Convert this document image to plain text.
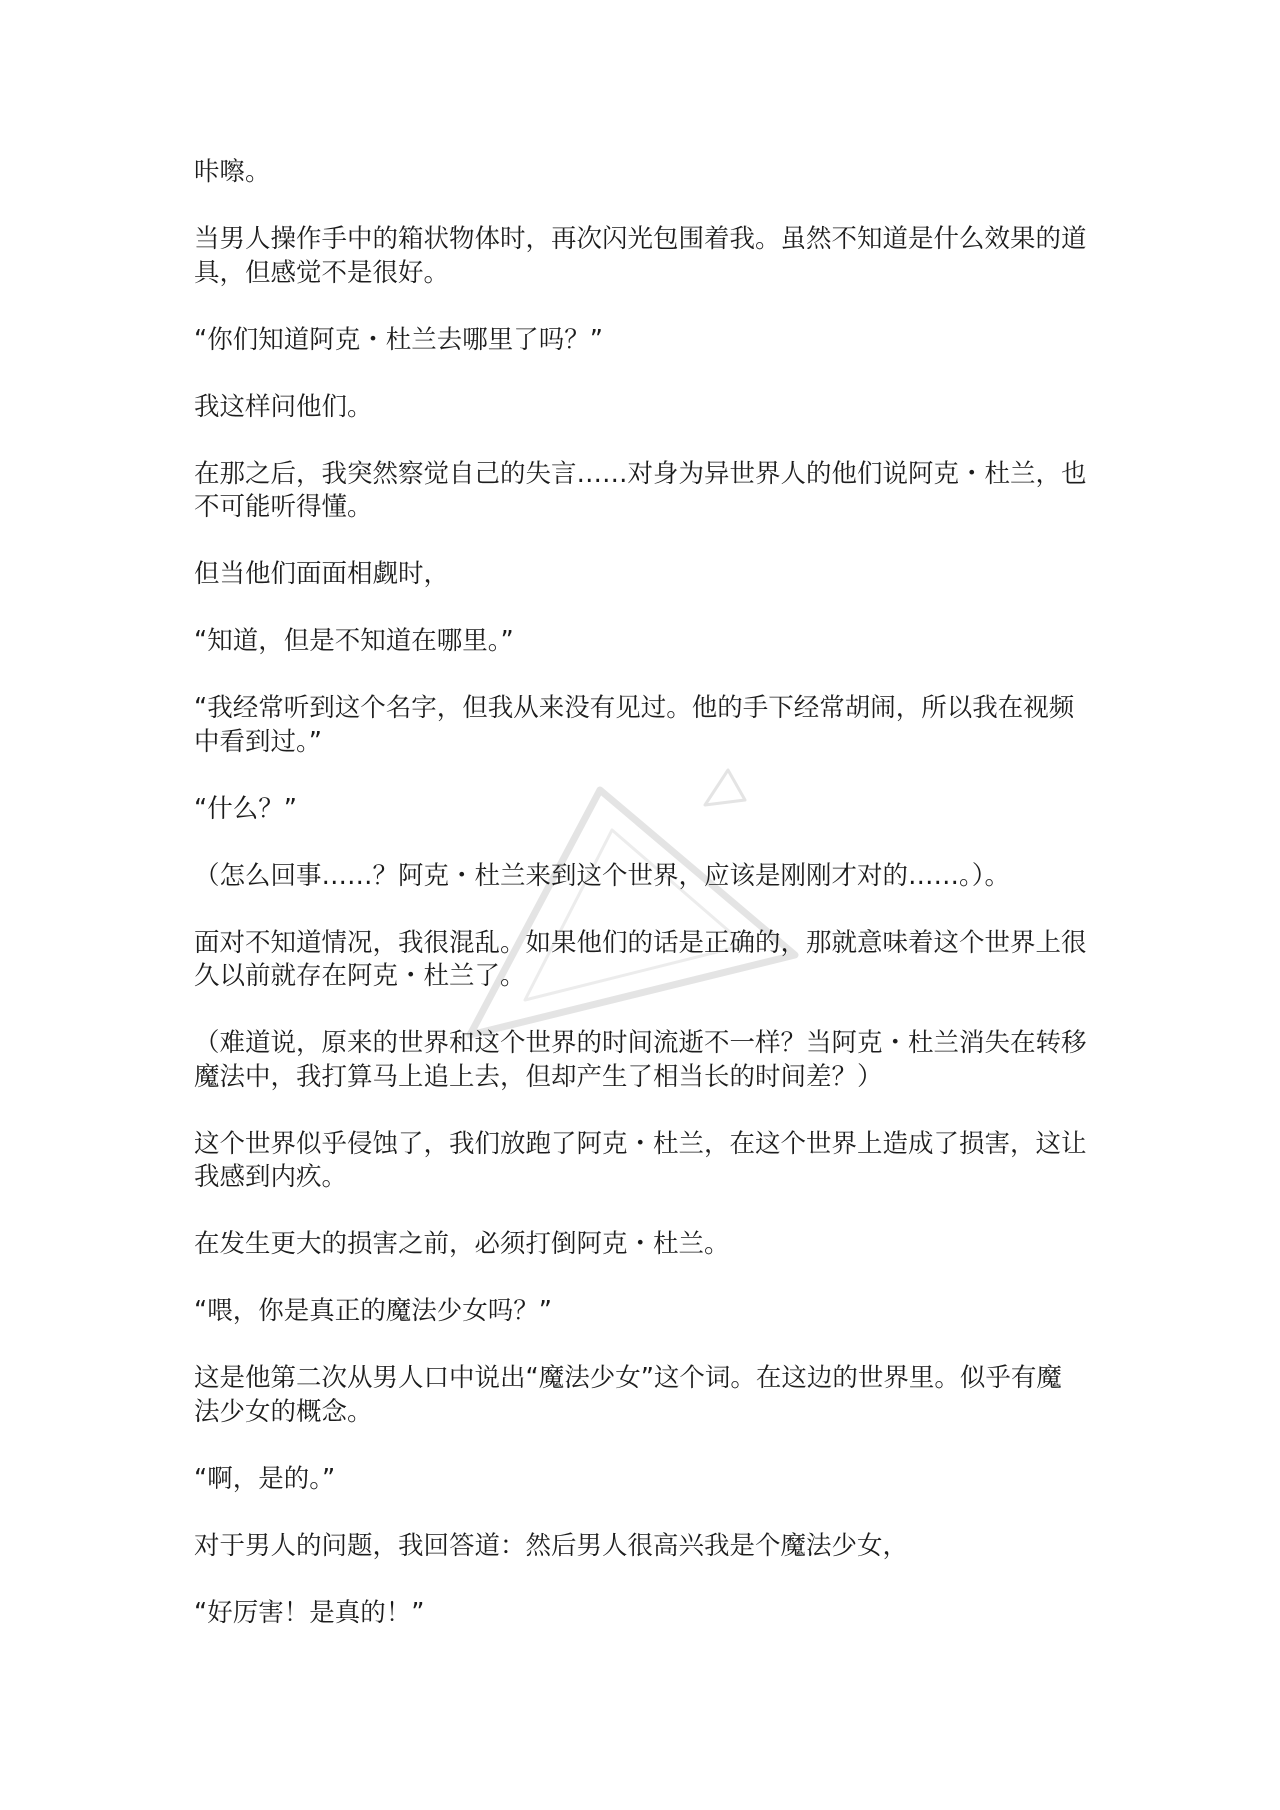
咔嚓。

当男人操作手中的箱状物体时，再次闪光包围着我。虽然不知道是什么效果的道
具，但感觉不是很好。

“你们知道阿克・杜兰去哪里了吗？”

我这样问他们。

在那之后，我突然察觉自己的失言……对身为异世界人的他们说阿克・杜兰，也
不可能听得懂。

但当他们面面相觑时，

“知道，但是不知道在哪里。”

“我经常听到这个名字，但我从来没有见过。他的手下经常胡闹，所以我在视频
中看到过。”

“什么？”

（怎么回事……？阿克・杜兰来到这个世界，应该是刚刚才对的……。）。

面对不知道情况，我很混乱。如果他们的话是正确的，那就意味着这个世界上很
久以前就存在阿克・杜兰了。

（难道说，原来的世界和这个世界的时间流逝不一样？当阿克・杜兰消失在转移
魔法中，我打算马上追上去，但却产生了相当长的时间差？）

这个世界似乎侵蚀了，我们放跑了阿克・杜兰，在这个世界上造成了损害，这让
我感到内疚。

在发生更大的损害之前，必须打倒阿克・杜兰。

“喂，你是真正的魔法少女吗？”

这是他第二次从男人口中说出“魔法少女”这个词。在这边的世界里。似乎有魔
法少女的概念。

“啊，是的。”

对于男人的问题，我回答道：然后男人很高兴我是个魔法少女，

“好厉害！是真的！”
